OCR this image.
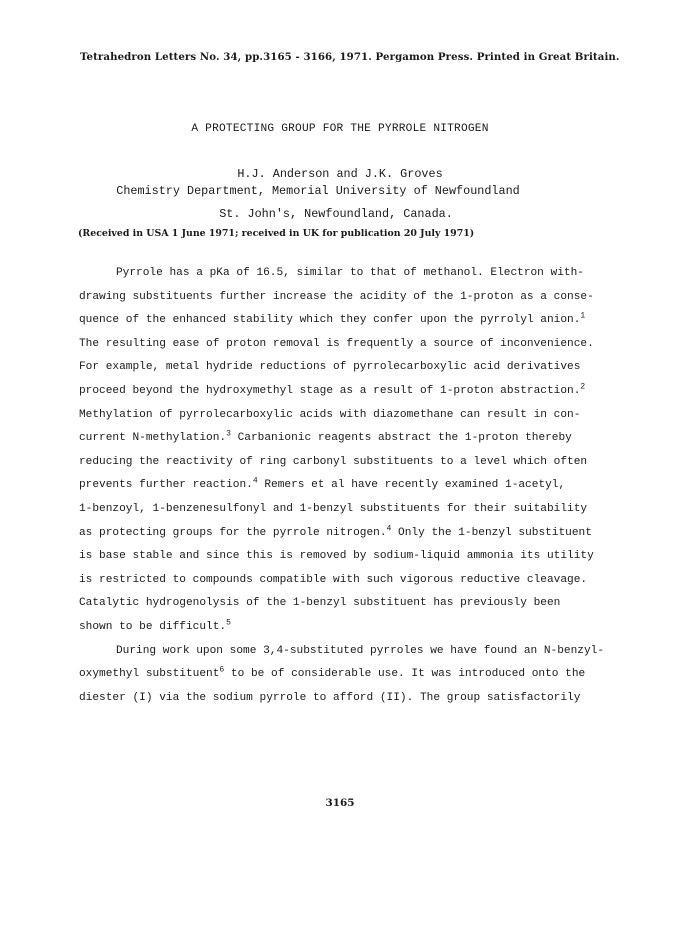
Tetrahedron Letters No. 34, pp.3165 - 3166, 1971. Pergamon Press. Printed in Great Britain.
A PROTECTING GROUP FOR THE PYRROLE NITROGEN
H.J. Anderson and J.K. Groves
Chemistry Department, Memorial University of Newfoundland
St. John's, Newfoundland, Canada.
(Received in USA 1 June 1971; received in UK for publication 20 July 1971)
Pyrrole has a pKa of 16.5, similar to that of methanol. Electron with-
drawing substituents further increase the acidity of the 1-proton as a conse-
quence of the enhanced stability which they confer upon the pyrrolyl anion.$^1$
The resulting ease of proton removal is frequently a source of inconvenience.
For example, metal hydride reductions of pyrrolecarboxylic acid derivatives
proceed beyond the hydroxymethyl stage as a result of 1-proton abstraction.$^2$
Methylation of pyrrolecarboxylic acids with diazomethane can result in con-
current N-methylation.$^3$ Carbanionic reagents abstract the 1-proton thereby
reducing the reactivity of ring carbonyl substituents to a level which often
prevents further reaction.$^4$ Remers et al have recently examined 1-acetyl,
1-benzoyl, 1-benzenesulfonyl and 1-benzyl substituents for their suitability
as protecting groups for the pyrrole nitrogen.$^4$ Only the 1-benzyl substituent
is base stable and since this is removed by sodium-liquid ammonia its utility
is restricted to compounds compatible with such vigorous reductive cleavage.
Catalytic hydrogenolysis of the 1-benzyl substituent has previously been
shown to be difficult.$^5$
During work upon some 3,4-substituted pyrroles we have found an N-benzyl-
oxymethyl substituent$^6$ to be of considerable use. It was introduced onto the
diester (I) via the sodium pyrrole to afford (II). The group satisfactorily
3165
